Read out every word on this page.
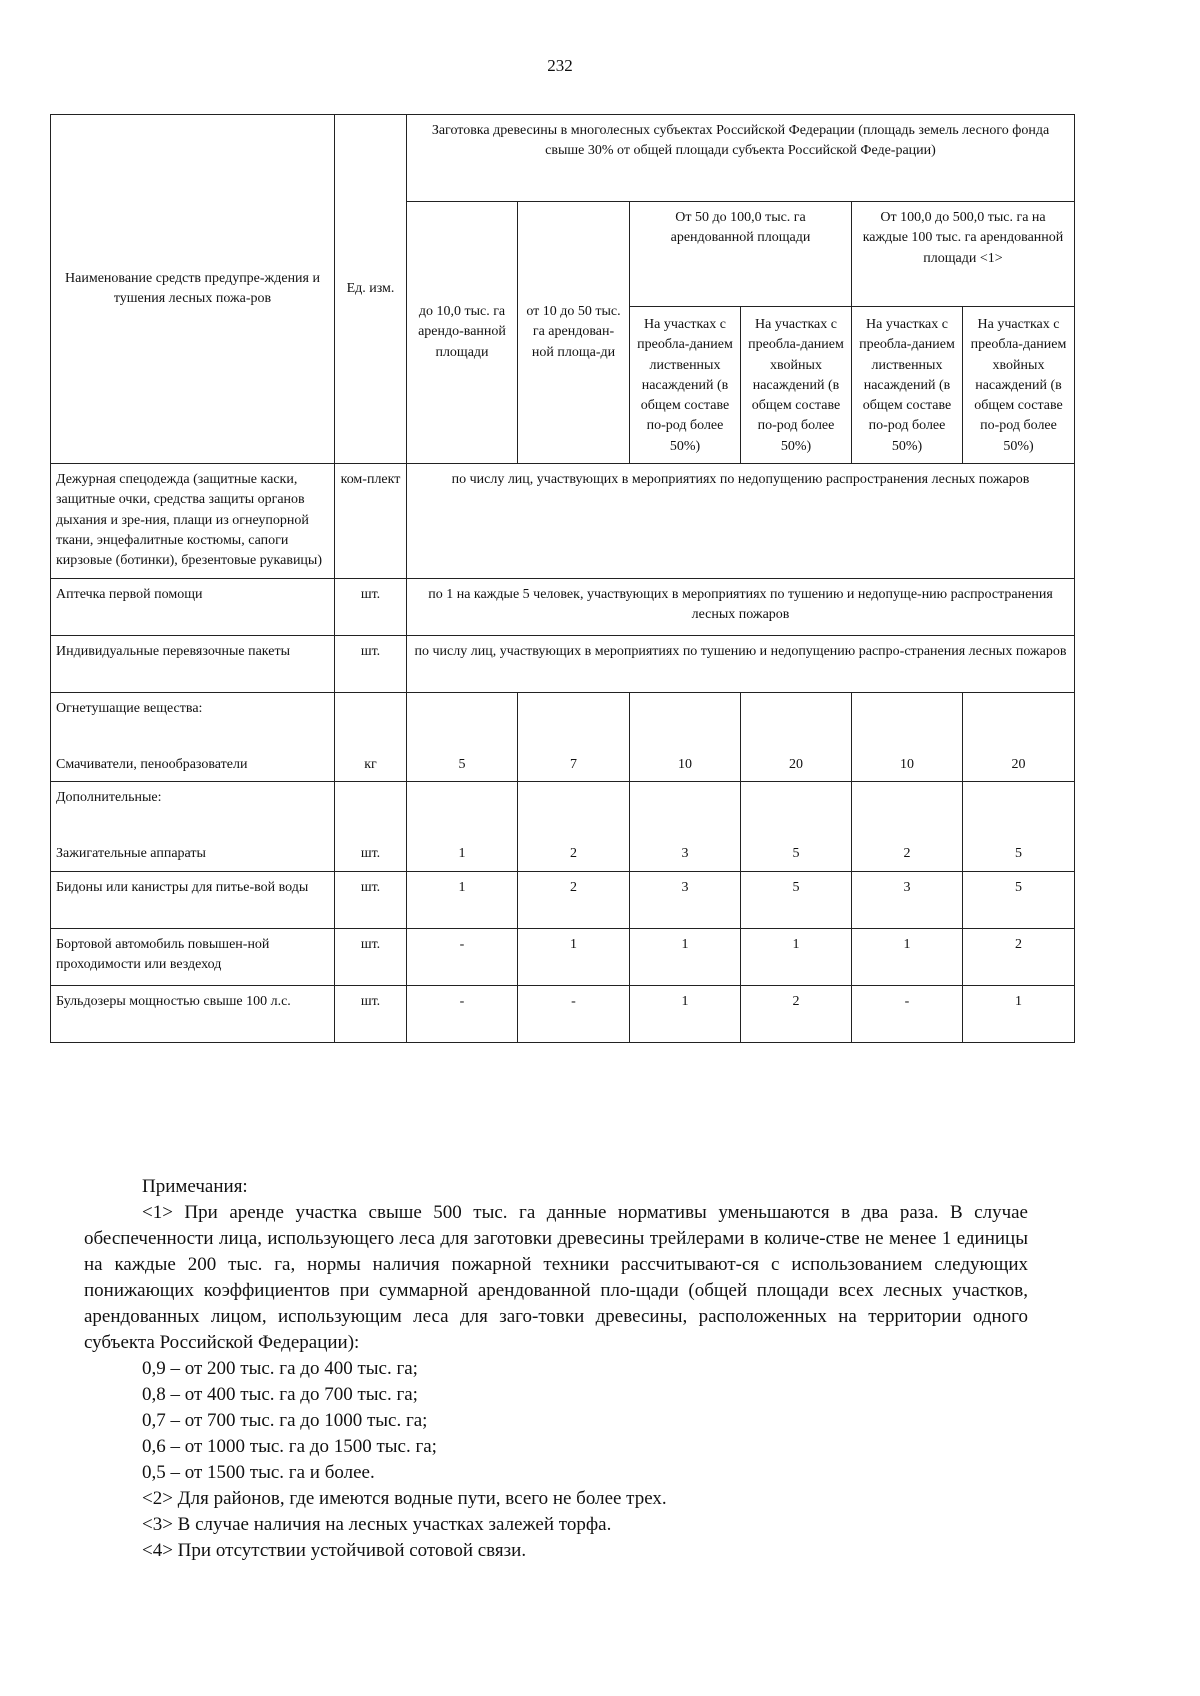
232
Наименование средств предупре-ждения и тушения лесных пожа-ров	Ед. изм.	Заготовка древесины в многолесных субъектах Российской Федерации (площадь земель лесного фонда свыше 30% от общей площади субъекта Российской Феде-рации)					
		до 10,0 тыс. га арендо-ванной площади	от 10 до 50 тыс. га арендован-ной площа-ди	От 50 до 100,0 тыс. га арендованной площади		От 100,0 до 500,0 тыс. га на каждые 100 тыс. га арендованной площади <1>	
				На участках с преобла-данием лиственных насаждений (в общем составе по-род более 50%)	На участках с преобла-данием хвойных насаждений (в общем составе по-род более 50%)	На участках с преобла-данием лиственных насаждений (в общем составе по-род более 50%)	На участках с преобла-данием хвойных насаждений (в общем составе по-род более 50%)
Дежурная спецодежда (защитные каски, защитные очки, средства защиты органов дыхания и зре-ния, плащи из огнеупорной ткани, энцефалитные костюмы, сапоги кирзовые (ботинки), брезентовые рукавицы)	ком-плект	по числу лиц, участвующих в мероприятиях по недопущению распространения лесных пожаров					
Аптечка первой помощи	шт.	по 1 на каждые 5 человек, участвующих в мероприятиях по тушению и недопуще-нию распространения лесных пожаров					
Индивидуальные перевязочные пакеты	шт.	по числу лиц, участвующих в мероприятиях по тушению и недопущению распро-странения лесных пожаров					

Огнетушащие вещества:
Смачиватели, пенообразователи	кг	5	7	10	20	10	20

Дополнительные:
Зажигательные аппараты	шт.	1	2	3	5	2	5

Бидоны или канистры для питье-вой воды	шт.	1	2	3	5	3	5
Бортовой автомобиль повышен-ной проходимости или вездеход	шт.	-	1	1	1	1	2
Бульдозеры мощностью свыше 100 л.с.	шт.	-	-	1	2	-	1

Примечания:

<1> При аренде участка свыше 500 тыс. га данные нормативы уменьшаются в два раза. В случае обеспеченности лица, использующего леса для заготовки древесины трейлерами в количе-стве не менее 1 единицы на каждые 200 тыс. га, нормы наличия пожарной техники рассчитывают-ся с использованием следующих понижающих коэффициентов при суммарной арендованной пло-щади (общей площади всех лесных участков, арендованных лицом, использующим леса для заго-товки древесины, расположенных на территории одного субъекта Российской Федерации):

0,9 – от 200 тыс. га до 400 тыс. га;

0,8 – от 400 тыс. га до 700 тыс. га;

0,7 – от 700 тыс. га до 1000 тыс. га;

0,6 – от 1000 тыс. га до 1500 тыс. га;

0,5 – от 1500 тыс. га и более.

<2> Для районов, где имеются водные пути, всего не более трех.

<3> В случае наличия на лесных участках залежей торфа.

<4> При отсутствии устойчивой сотовой связи.
